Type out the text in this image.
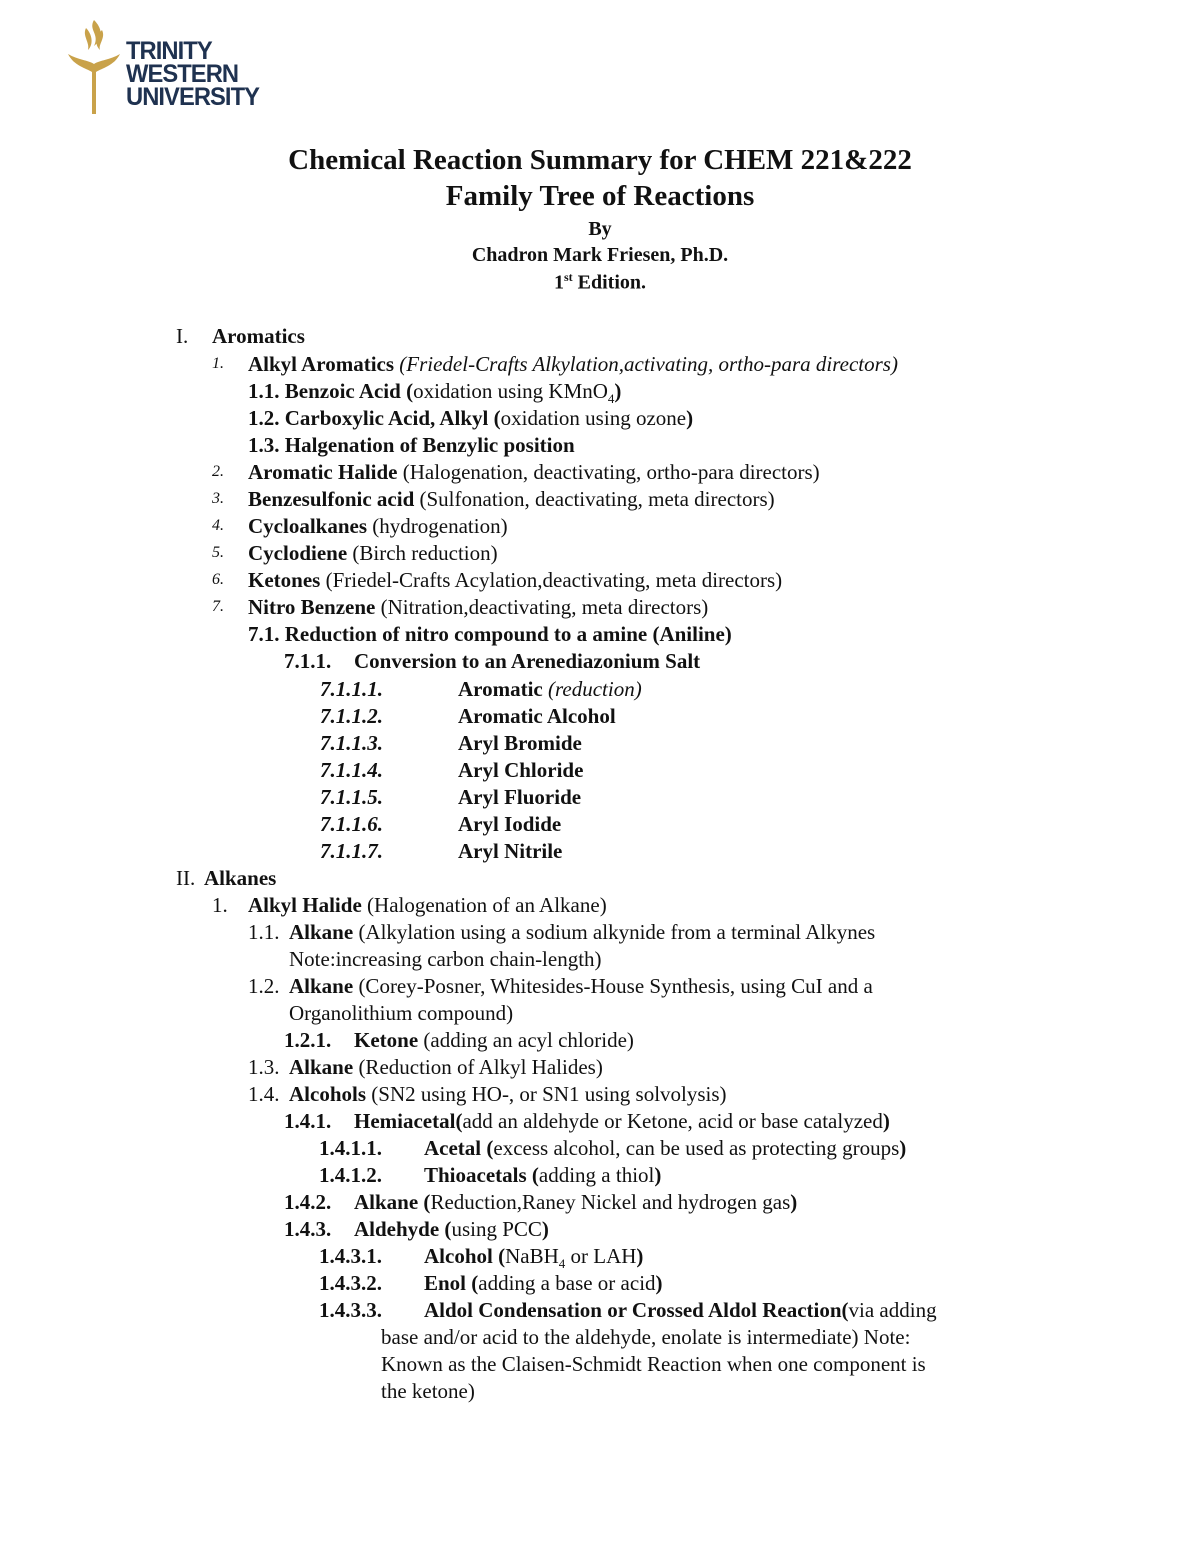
TRINITY
WESTERN
UNIVERSITY
Chemical Reaction Summary for CHEM 221&222
Family Tree of Reactions
By
Chadron Mark Friesen, Ph.D.
1st Edition.
I. Aromatics
1. Alkyl Aromatics (Friedel-Crafts Alkylation,activating, ortho-para directors)
1.1. Benzoic Acid (oxidation using KMnO$_4$)
1.2. Carboxylic Acid, Alkyl (oxidation using ozone)
1.3. Halgenation of Benzylic position
2. Aromatic Halide (Halogenation, deactivating, ortho-para directors)
3. Benzesulfonic acid (Sulfonation, deactivating, meta directors)
4. Cycloalkanes (hydrogenation)
5. Cyclodiene (Birch reduction)
6. Ketones (Friedel-Crafts Acylation,deactivating, meta directors)
7. Nitro Benzene (Nitration,deactivating, meta directors)
7.1. Reduction of nitro compound to a amine (Aniline)
7.1.1. Conversion to an Arenediazonium Salt
7.1.1.1.	Aromatic (reduction)
7.1.1.2.	Aromatic Alcohol
7.1.1.3.	Aryl Bromide
7.1.1.4.	Aryl Chloride
7.1.1.5.	Aryl Fluoride
7.1.1.6.	Aryl Iodide
7.1.1.7.	Aryl Nitrile
II. Alkanes
1. Alkyl Halide (Halogenation of an Alkane)
1.1. Alkane (Alkylation using a sodium alkynide from a terminal Alkynes
Note:increasing carbon chain-length)
1.2. Alkane (Corey-Posner, Whitesides-House Synthesis, using CuI and a
Organolithium compound)
1.2.1. Ketone (adding an acyl chloride)
1.3. Alkane (Reduction of Alkyl Halides)
1.4. Alcohols (SN2 using HO-, or SN1 using solvolysis)
1.4.1. Hemiacetal(add an aldehyde or Ketone, acid or base catalyzed)
1.4.1.1. Acetal (excess alcohol, can be used as protecting groups)
1.4.1.2. Thioacetals (adding a thiol)
1.4.2. Alkane (Reduction,Raney Nickel and hydrogen gas)
1.4.3. Aldehyde (using PCC)
1.4.3.1. Alcohol (NaBH$_4$ or LAH)
1.4.3.2. Enol (adding a base or acid)
1.4.3.3. Aldol Condensation or Crossed Aldol Reaction(via adding
base and/or acid to the aldehyde, enolate is intermediate) Note:
Known as the Claisen-Schmidt Reaction when one component is
the ketone)
